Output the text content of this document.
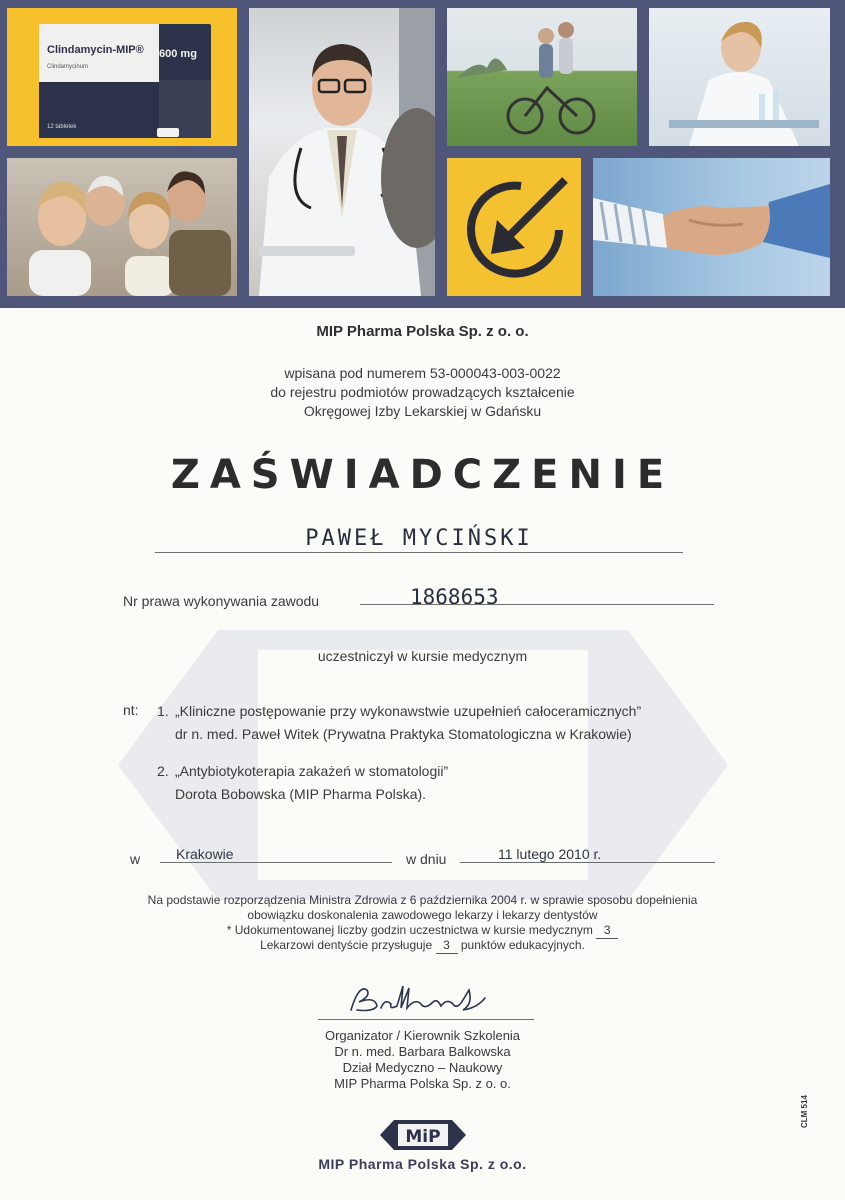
Clindamycin-MIP® 600 mg
Clindamycinum
12 tabletek
MIP Pharma Polska Sp. z o. o.
wpisana pod numerem 53-000043-003-0022
do rejestru podmiotów prowadzących kształcenie
Okręgowej Izby Lekarskiej w Gdańsku
ZAŚWIADCZENIE
PAWEŁ MYCIŃSKI
Nr prawa wykonywania zawodu	1868653
uczestniczył w kursie medycznym
nt: 1. „Kliniczne postępowanie przy wykonawstwie uzupełnień całoceramicznych”
dr n. med. Paweł Witek (Prywatna Praktyka Stomatologiczna w Krakowie)
2. „Antybiotykoterapia zakażeń w stomatologii”
Dorota Bobowska (MIP Pharma Polska).
w	Krakowie	w dniu	11 lutego 2010 r.
Na podstawie rozporządzenia Ministra Zdrowia z 6 października 2004 r. w sprawie sposobu dopełnienia
obowiązku doskonalenia zawodowego lekarzy i lekarzy dentystów
* Udokumentowanej liczby godzin uczestnictwa w kursie medycznym 3
Lekarzowi dentyście przysługuje 3 punktów edukacyjnych.
Organizator / Kierownik Szkolenia
Dr n. med. Barbara Balkowska
Dział Medyczno – Naukowy
MIP Pharma Polska Sp. z o. o.
MiP
MIP Pharma Polska Sp. z o.o.
CLM 514
